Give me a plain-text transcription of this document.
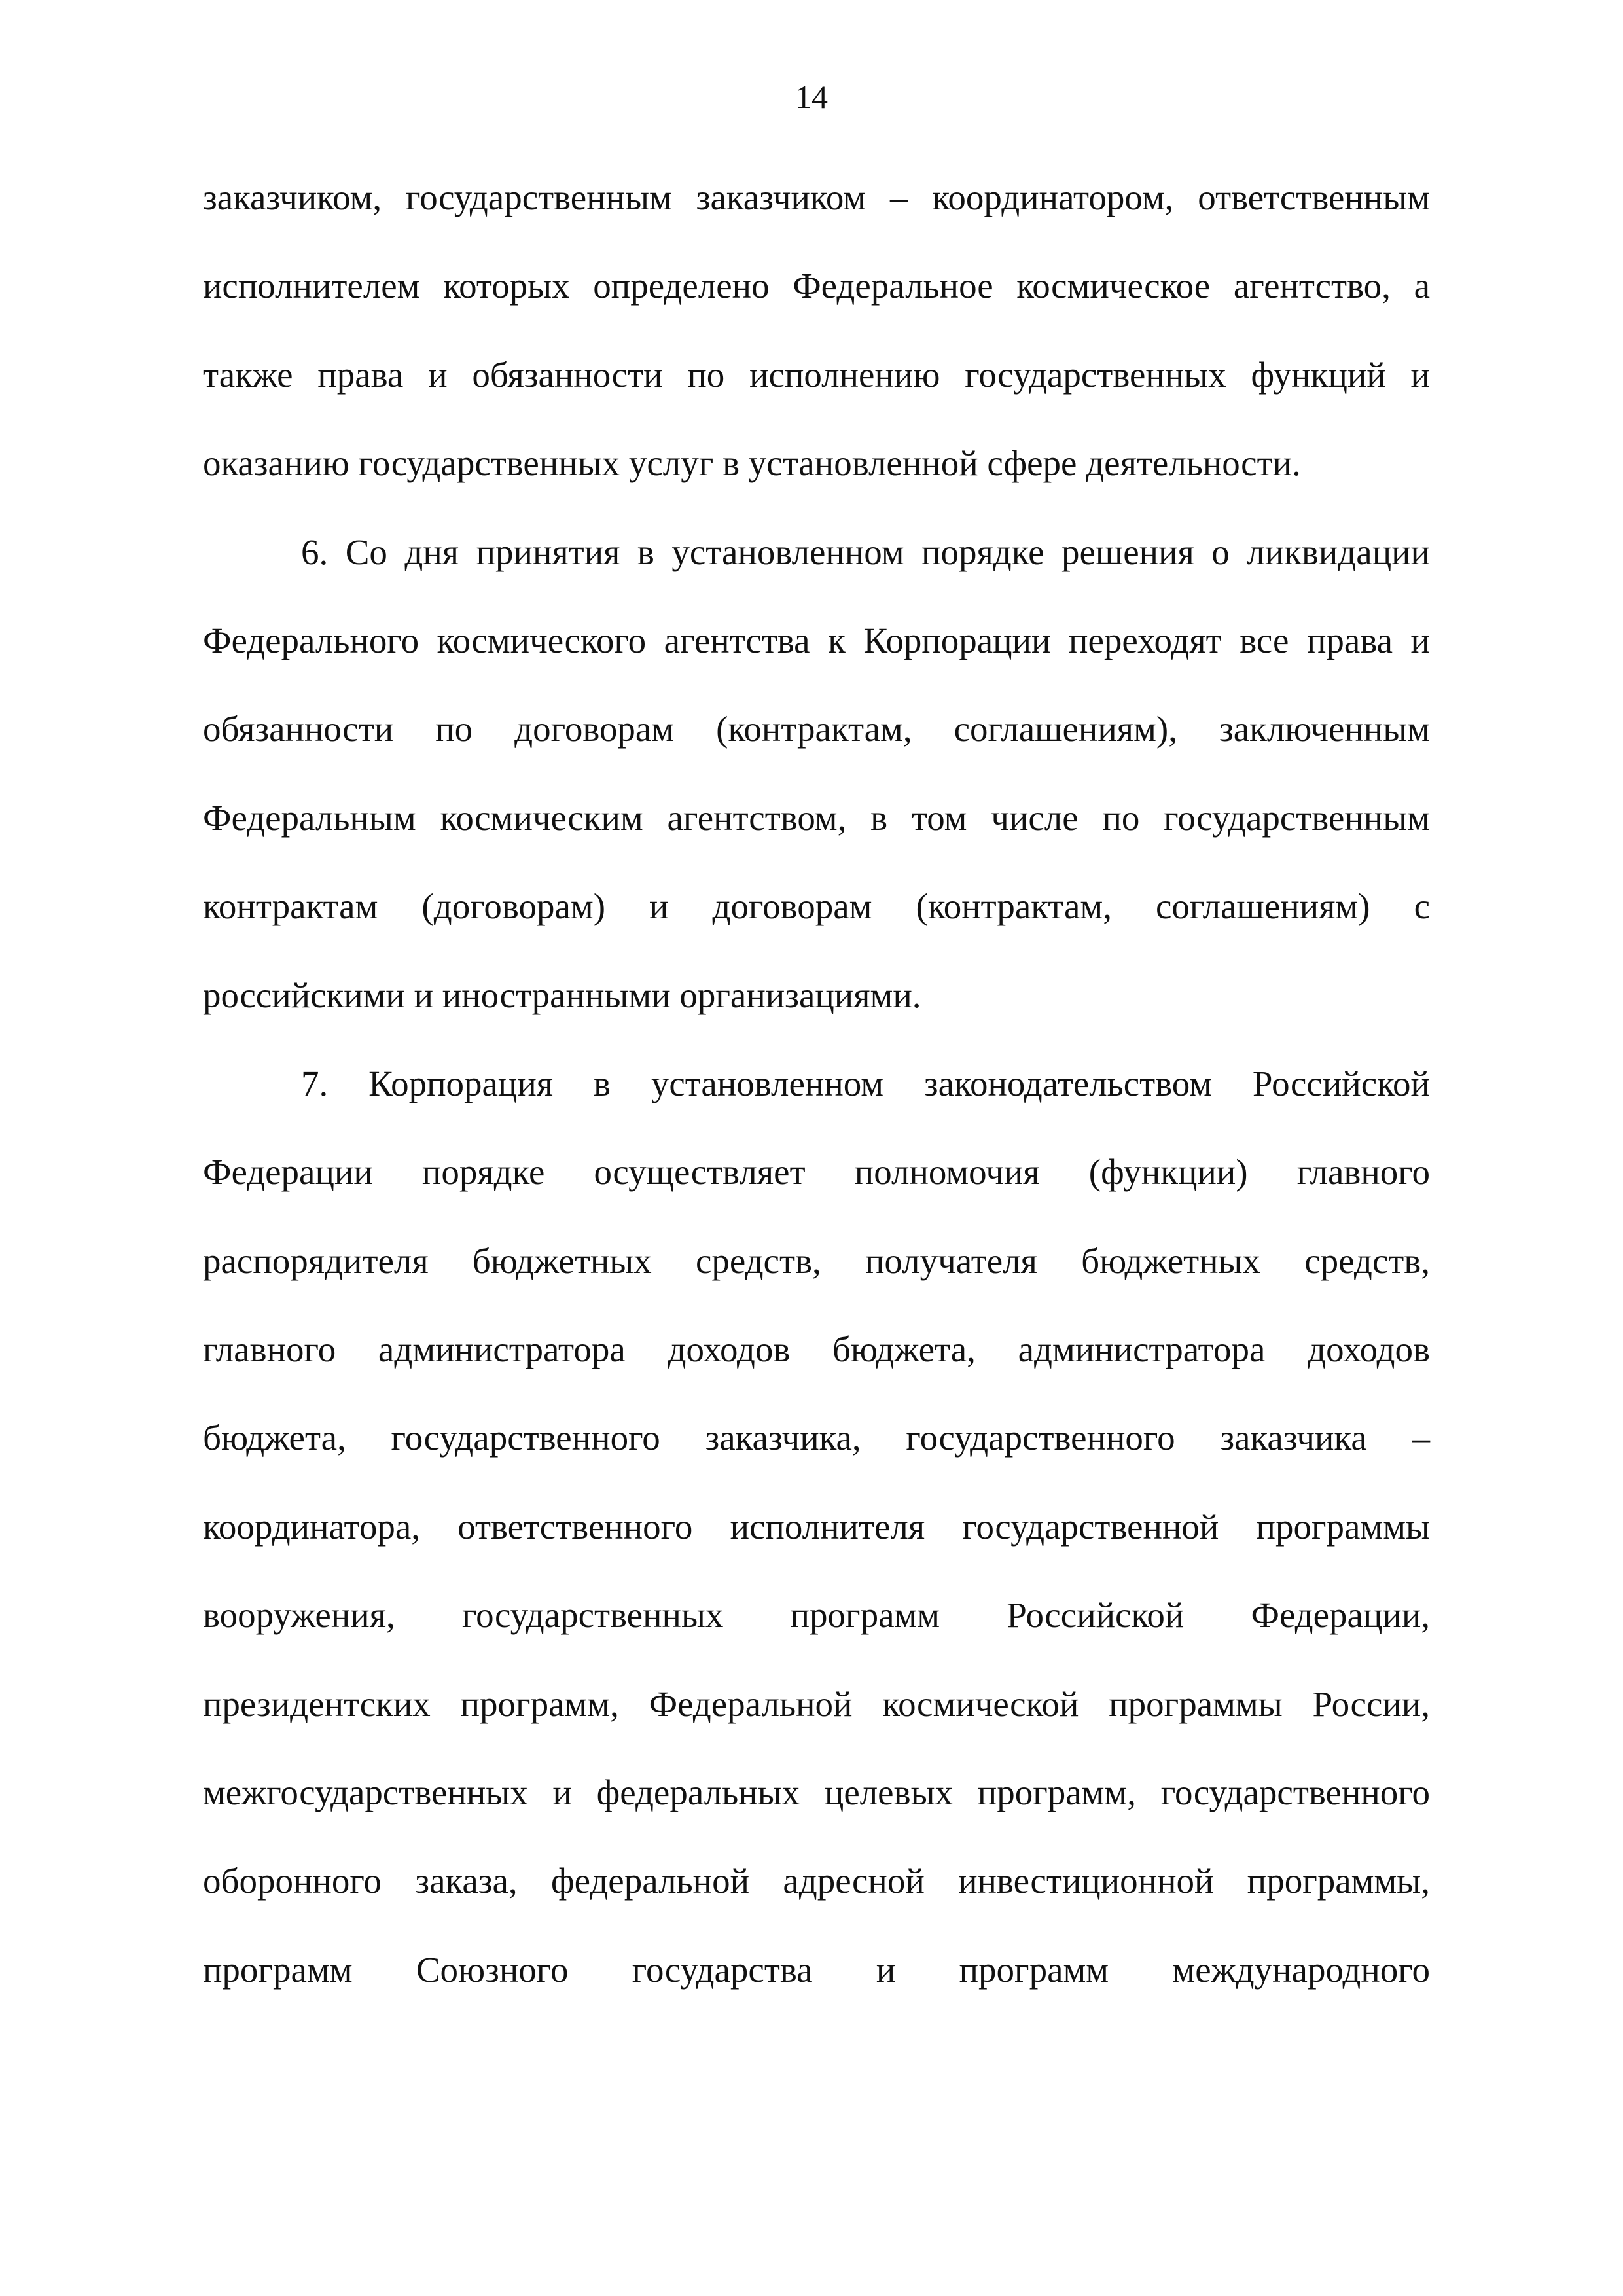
14
заказчиком, государственным заказчиком – координатором, ответственным
исполнителем которых определено Федеральное космическое агентство, а
также права и обязанности по исполнению государственных функций и
оказанию государственных услуг в установленной сфере деятельности.
6. Со дня принятия в установленном порядке решения о ликвидации
Федерального космического агентства к Корпорации переходят все права и
обязанности по договорам (контрактам, соглашениям), заключенным
Федеральным космическим агентством, в том числе по государственным
контрактам (договорам) и договорам (контрактам, соглашениям) с
российскими и иностранными организациями.
7. Корпорация в установленном законодательством Российской
Федерации порядке осуществляет полномочия (функции) главного
распорядителя бюджетных средств, получателя бюджетных средств,
главного администратора доходов бюджета, администратора доходов
бюджета, государственного заказчика, государственного заказчика –
координатора, ответственного исполнителя государственной программы
вооружения, государственных программ Российской Федерации,
президентских программ, Федеральной космической программы России,
межгосударственных и федеральных целевых программ, государственного
оборонного заказа, федеральной адресной инвестиционной программы,
программ Союзного государства и программ международного
